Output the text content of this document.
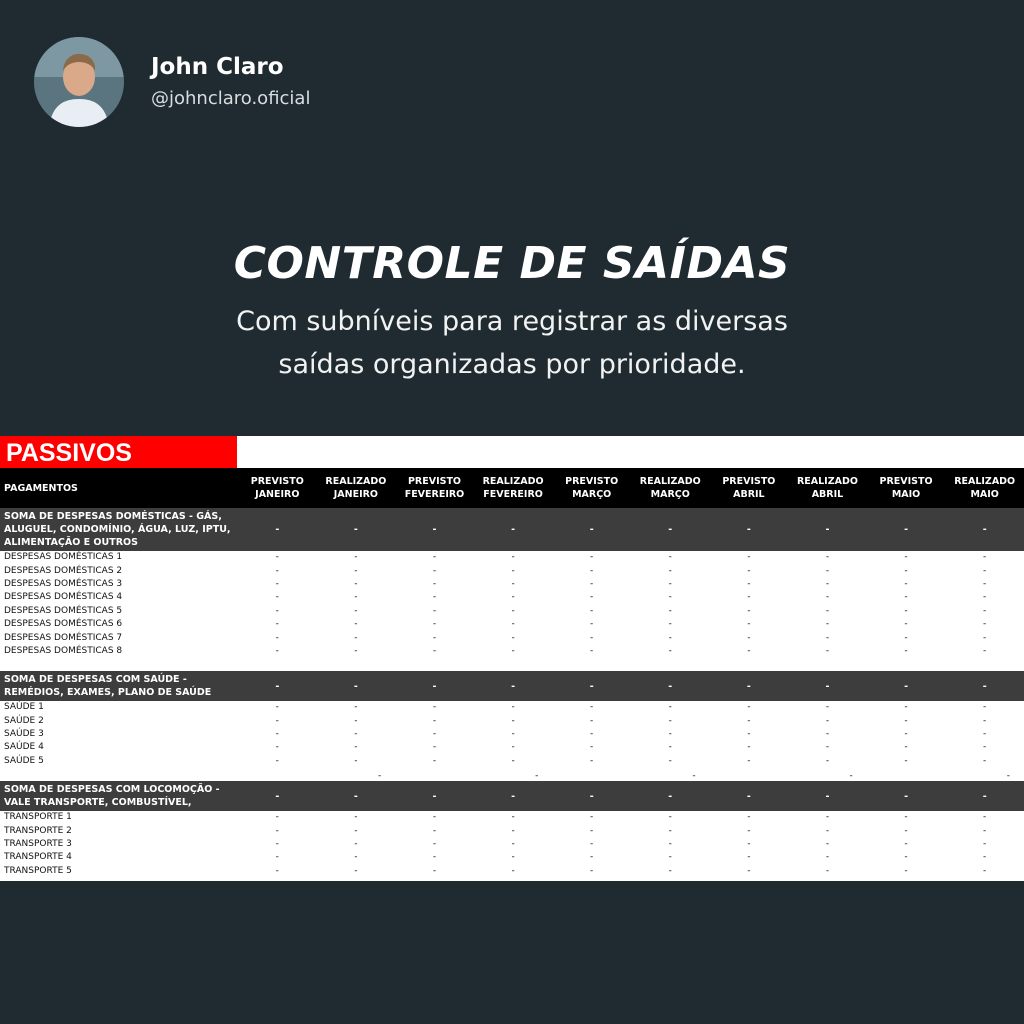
John Claro
@johnclaro.oficial
CONTROLE DE SAÍDAS
Com subníveis para registrar as diversas
saídas organizadas por prioridade.
PASSIVOS
PAGAMENTOS	PREVISTO JANEIRO	REALIZADO JANEIRO	PREVISTO FEVEREIRO	REALIZADO FEVEREIRO	PREVISTO MARÇO	REALIZADO MARÇO	PREVISTO ABRIL	REALIZADO ABRIL	PREVISTO MAIO	REALIZADO MAIO
SOMA DE DESPESAS DOMÉSTICAS - GÁS, ALUGUEL, CONDOMÍNIO, ÁGUA, LUZ, IPTU, ALIMENTAÇÃO E OUTROS	-	-	-	-	-	-	-	-	-	-
DESPESAS DOMÉSTICAS 1	-	-	-	-	-	-	-	-	-	-
DESPESAS DOMÉSTICAS 2	-	-	-	-	-	-	-	-	-	-
DESPESAS DOMÉSTICAS 3	-	-	-	-	-	-	-	-	-	-
DESPESAS DOMÉSTICAS 4	-	-	-	-	-	-	-	-	-	-
DESPESAS DOMÉSTICAS 5	-	-	-	-	-	-	-	-	-	-
DESPESAS DOMÉSTICAS 6	-	-	-	-	-	-	-	-	-	-
DESPESAS DOMÉSTICAS 7	-	-	-	-	-	-	-	-	-	-
DESPESAS DOMÉSTICAS 8	-	-	-	-	-	-	-	-	-	-

SOMA DE DESPESAS COM SAÚDE - REMÉDIOS, EXAMES, PLANO DE SAÚDE	-	-	-	-	-	-	-	-	-	-
SAÚDE 1	-	-	-	-	-	-	-	-	-	-
SAÚDE 2	-	-	-	-	-	-	-	-	-	-
SAÚDE 3	-	-	-	-	-	-	-	-	-	-
SAÚDE 4	-	-	-	-	-	-	-	-	-	-
SAÚDE 5	-	-	-	-	-	-	-	-	-	-
		-		-		-		-		-
SOMA DE DESPESAS COM LOCOMOÇÃO - VALE TRANSPORTE, COMBUSTÍVEL,	-	-	-	-	-	-	-	-	-	-
TRANSPORTE 1	-	-	-	-	-	-	-	-	-	-
TRANSPORTE 2	-	-	-	-	-	-	-	-	-	-
TRANSPORTE 3	-	-	-	-	-	-	-	-	-	-
TRANSPORTE 4	-	-	-	-	-	-	-	-	-	-
TRANSPORTE 5	-	-	-	-	-	-	-	-	-	-
